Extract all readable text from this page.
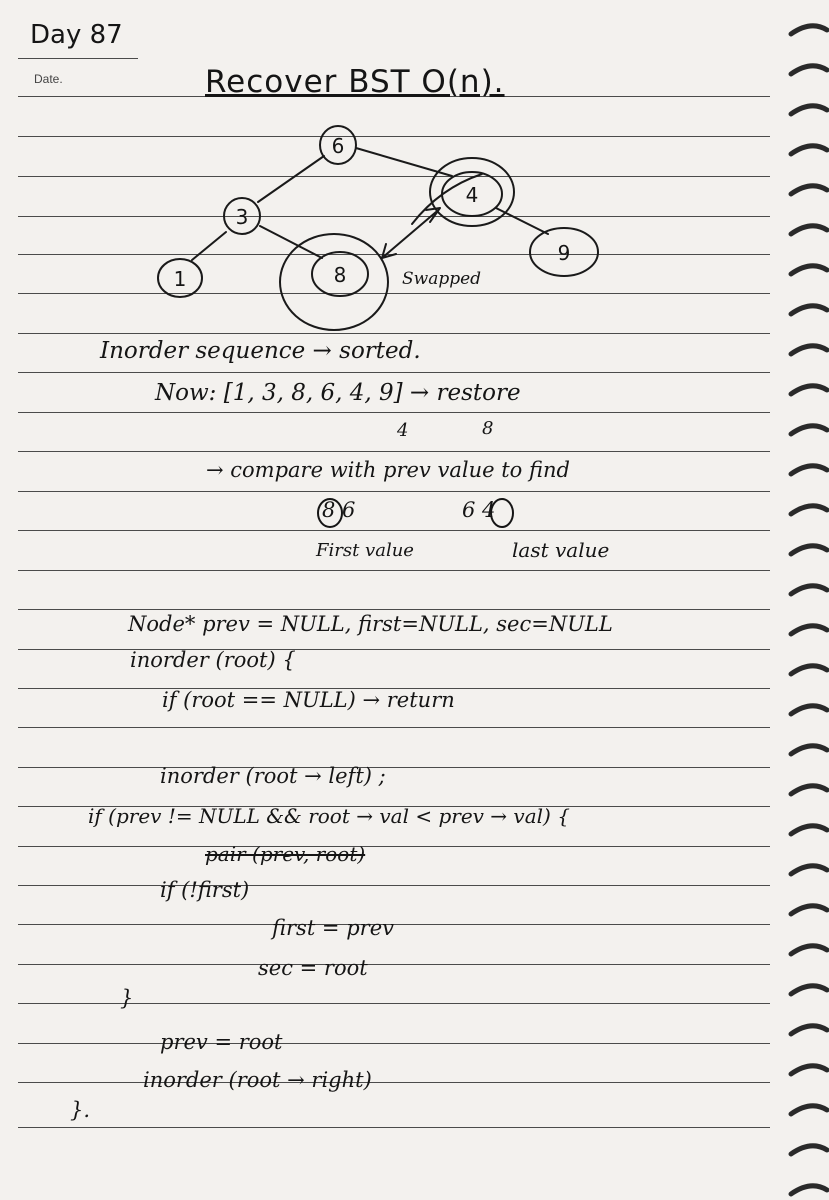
Day 87
Date.	Recover BST O(n).
6
3
4
1	8
9
Swapped
Inorder sequence → sorted.
Now: [1, 3, 8, 6, 4, 9] → restore
4	8
→ compare with prev value to find
8 6	6 4
First value	last value
Node* prev = NULL, first=NULL, sec=NULL
inorder (root) {
if (root == NULL) → return
inorder (root → left) ;
if (prev != NULL && root → val < prev → val) {
pair (prev, root)
if (!first)
first = prev
sec = root
}
prev = root
inorder (root → right)
}.
